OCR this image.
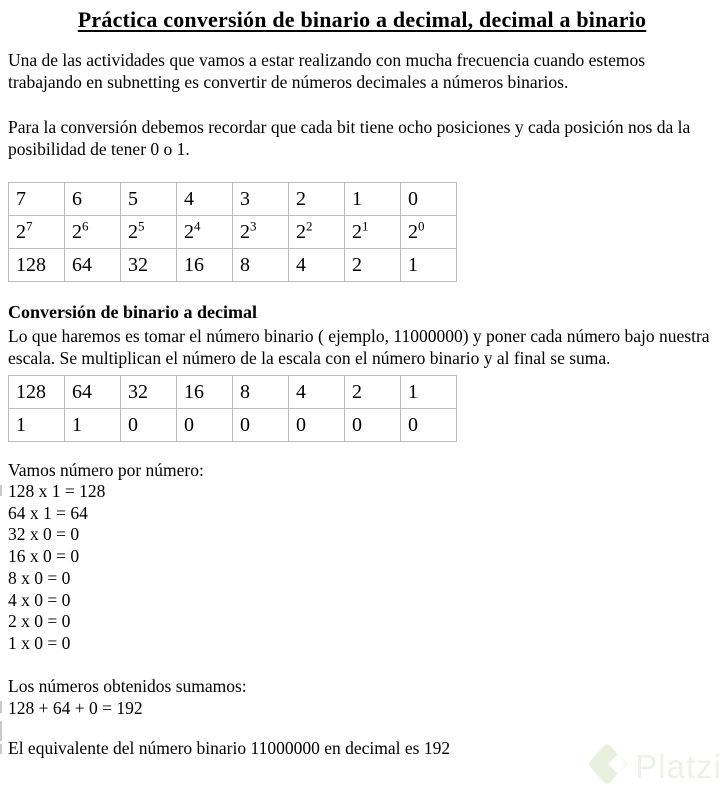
Práctica conversión de binario a decimal, decimal a binario

Una de las actividades que vamos a estar realizando con mucha frecuencia cuando estemos trabajando en subnetting es convertir de números decimales a números binarios.

Para la conversión debemos recordar que cada bit tiene ocho posiciones y cada posición nos da la posibilidad de tener 0 o 1.

7	6	5	4	3	2	1	0
$2^7$	$2^6$	$2^5$	$2^4$	$2^3$	$2^2$	$2^1$	$2^0$
128	64	32	16	8	4	2	1
Conversión de binario a decimal

Lo que haremos es tomar el número binario ( ejemplo, 11000000) y poner cada número bajo nuestra escala. Se multiplican el número de la escala con el número binario y al final se suma.

128	64	32	16	8	4	2	1
1	1	0	0	0	0	0	0

Vamos número por número:

128 x 1 = 128
64 x 1 = 64
32 x 0 = 0
16 x 0 = 0
8 x 0 = 0
4 x 0 = 0
2 x 0 = 0
1 x 0 = 0

Los números obtenidos sumamos:

128 + 64 + 0 = 192

El equivalente del número binario 11000000 en decimal es 192

Platzi
